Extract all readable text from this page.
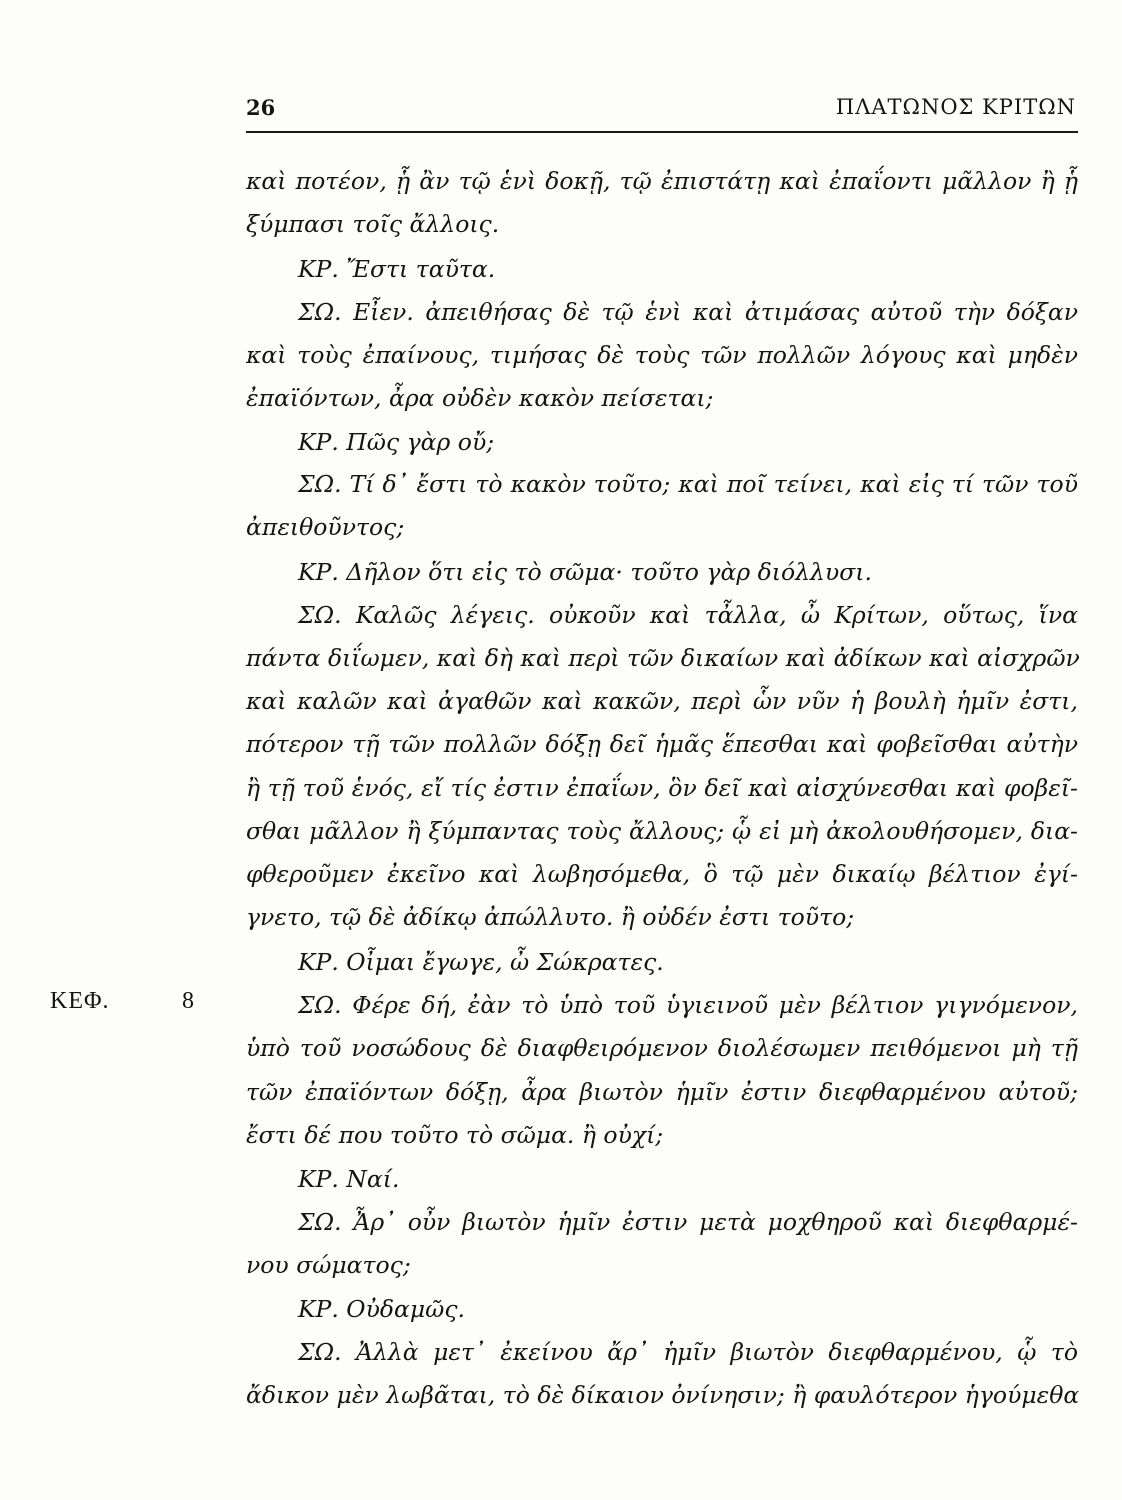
26	ΠΛΑΤΩΝΟΣ ΚΡΙΤΩΝ
ΚΕΦ.	8
καὶ ποτέον, ᾗ ἂν τῷ ἑνὶ δοκῇ, τῷ ἐπιστάτῃ καὶ ἐπαΐοντι μᾶλλον ἢ ᾗ
ξύμπασι τοῖς ἄλλοις.
ΚΡ. Ἔστι ταῦτα.
ΣΩ. Εἶεν. ἀπειθήσας δὲ τῷ ἑνὶ καὶ ἀτιμάσας αὐτοῦ τὴν δόξαν
καὶ τοὺς ἐπαίνους, τιμήσας δὲ τοὺς τῶν πολλῶν λόγους καὶ μηδὲν
ἐπαϊόντων, ἆρα οὐδὲν κακὸν πείσεται;
ΚΡ. Πῶς γὰρ οὔ;
ΣΩ. Τί δ᾽ ἔστι τὸ κακὸν τοῦτο; καὶ ποῖ τείνει, καὶ εἰς τί τῶν τοῦ
ἀπειθοῦντος;
ΚΡ. Δῆλον ὅτι εἰς τὸ σῶμα· τοῦτο γὰρ διόλλυσι.
ΣΩ. Καλῶς λέγεις. οὐκοῦν καὶ τἆλλα, ὦ Κρίτων, οὕτως, ἵνα
πάντα διΐωμεν, καὶ δὴ καὶ περὶ τῶν δικαίων καὶ ἀδίκων καὶ αἰσχρῶν
καὶ καλῶν καὶ ἀγαθῶν καὶ κακῶν, περὶ ὧν νῦν ἡ βουλὴ ἡμῖν ἐστι,
πότερον τῇ τῶν πολλῶν δόξῃ δεῖ ἡμᾶς ἕπεσθαι καὶ φοβεῖσθαι αὐτὴν
ἢ τῇ τοῦ ἑνός, εἴ τίς ἐστιν ἐπαΐων, ὃν δεῖ καὶ αἰσχύνεσθαι καὶ φοβεῖ-
σθαι μᾶλλον ἢ ξύμπαντας τοὺς ἄλλους; ᾧ εἰ μὴ ἀκολουθήσομεν, δια-
φθεροῦμεν ἐκεῖνο καὶ λωβησόμεθα, ὃ τῷ μὲν δικαίῳ βέλτιον ἐγί-
γνετο, τῷ δὲ ἀδίκῳ ἀπώλλυτο. ἢ οὐδέν ἐστι τοῦτο;
ΚΡ. Οἶμαι ἔγωγε, ὦ Σώκρατες.
ΣΩ. Φέρε δή, ἐὰν τὸ ὑπὸ τοῦ ὑγιεινοῦ μὲν βέλτιον γιγνόμενον,
ὑπὸ τοῦ νοσώδους δὲ διαφθειρόμενον διολέσωμεν πειθόμενοι μὴ τῇ
τῶν ἐπαϊόντων δόξῃ, ἆρα βιωτὸν ἡμῖν ἐστιν διεφθαρμένου αὐτοῦ;
ἔστι δέ που τοῦτο τὸ σῶμα. ἢ οὐχί;
ΚΡ. Ναί.
ΣΩ. Ἆρ᾽ οὖν βιωτὸν ἡμῖν ἐστιν μετὰ μοχθηροῦ καὶ διεφθαρμέ-
νου σώματος;
ΚΡ. Οὐδαμῶς.
ΣΩ. Ἀλλὰ μετ᾽ ἐκείνου ἄρ᾽ ἡμῖν βιωτὸν διεφθαρμένου, ᾧ τὸ
ἄδικον μὲν λωβᾶται, τὸ δὲ δίκαιον ὀνίνησιν; ἢ φαυλότερον ἡγούμεθα
